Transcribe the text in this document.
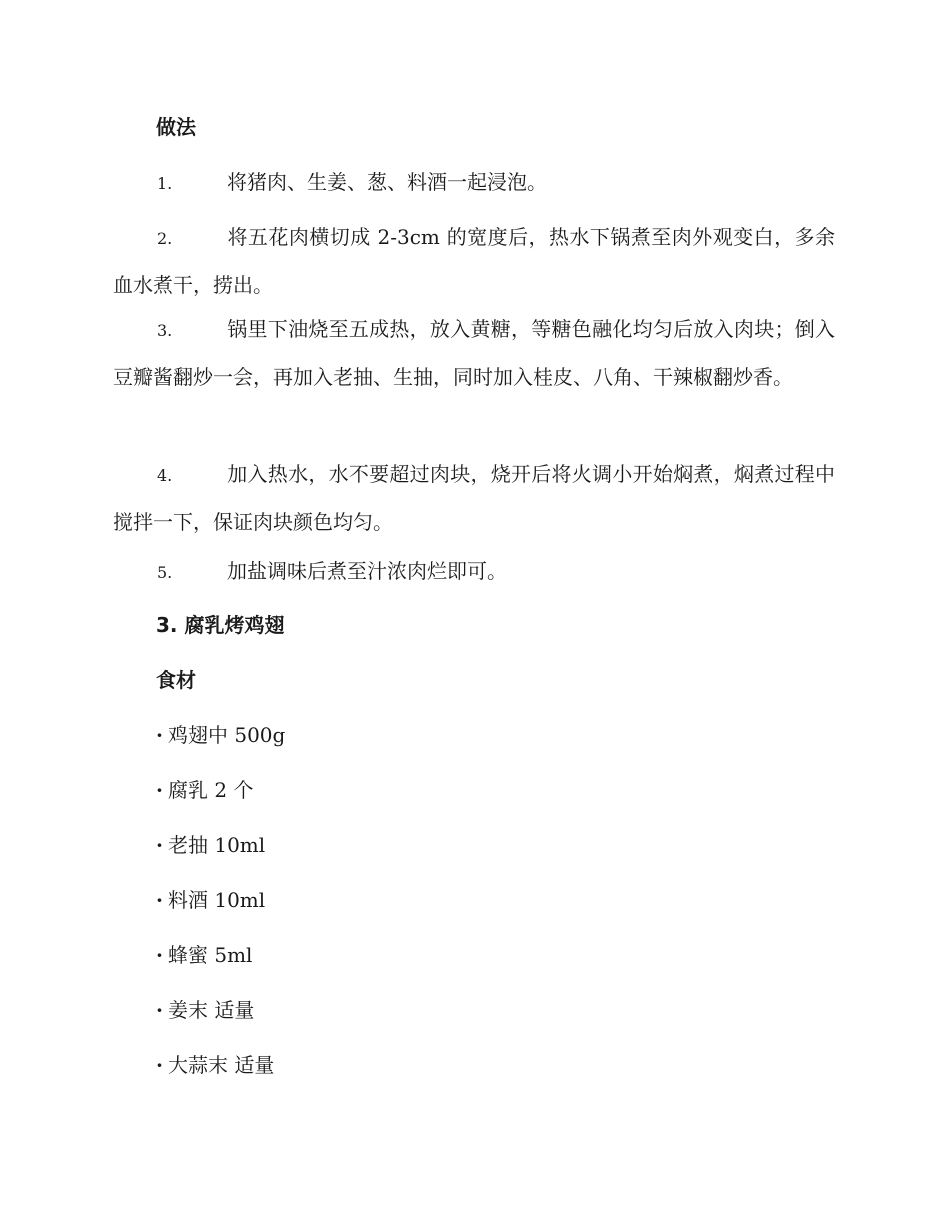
做法
1.	将猪肉、生姜、葱、料酒一起浸泡。
2.	将五花肉横切成 2-3cm 的宽度后，热水下锅煮至肉外观变白，多余血水煮干，捞出。
3.	锅里下油烧至五成热，放入黄糖，等糖色融化均匀后放入肉块；倒入豆瓣酱翻炒一会，再加入老抽、生抽，同时加入桂皮、八角、干辣椒翻炒香。
4.	加入热水，水不要超过肉块，烧开后将火调小开始焖煮，焖煮过程中搅拌一下，保证肉块颜色均匀。
5.	加盐调味后煮至汁浓肉烂即可。
3. 腐乳烤鸡翅
食材
· 鸡翅中 500g
· 腐乳 2 个
· 老抽 10ml
· 料酒 10ml
· 蜂蜜 5ml
· 姜末 适量
· 大蒜末 适量
